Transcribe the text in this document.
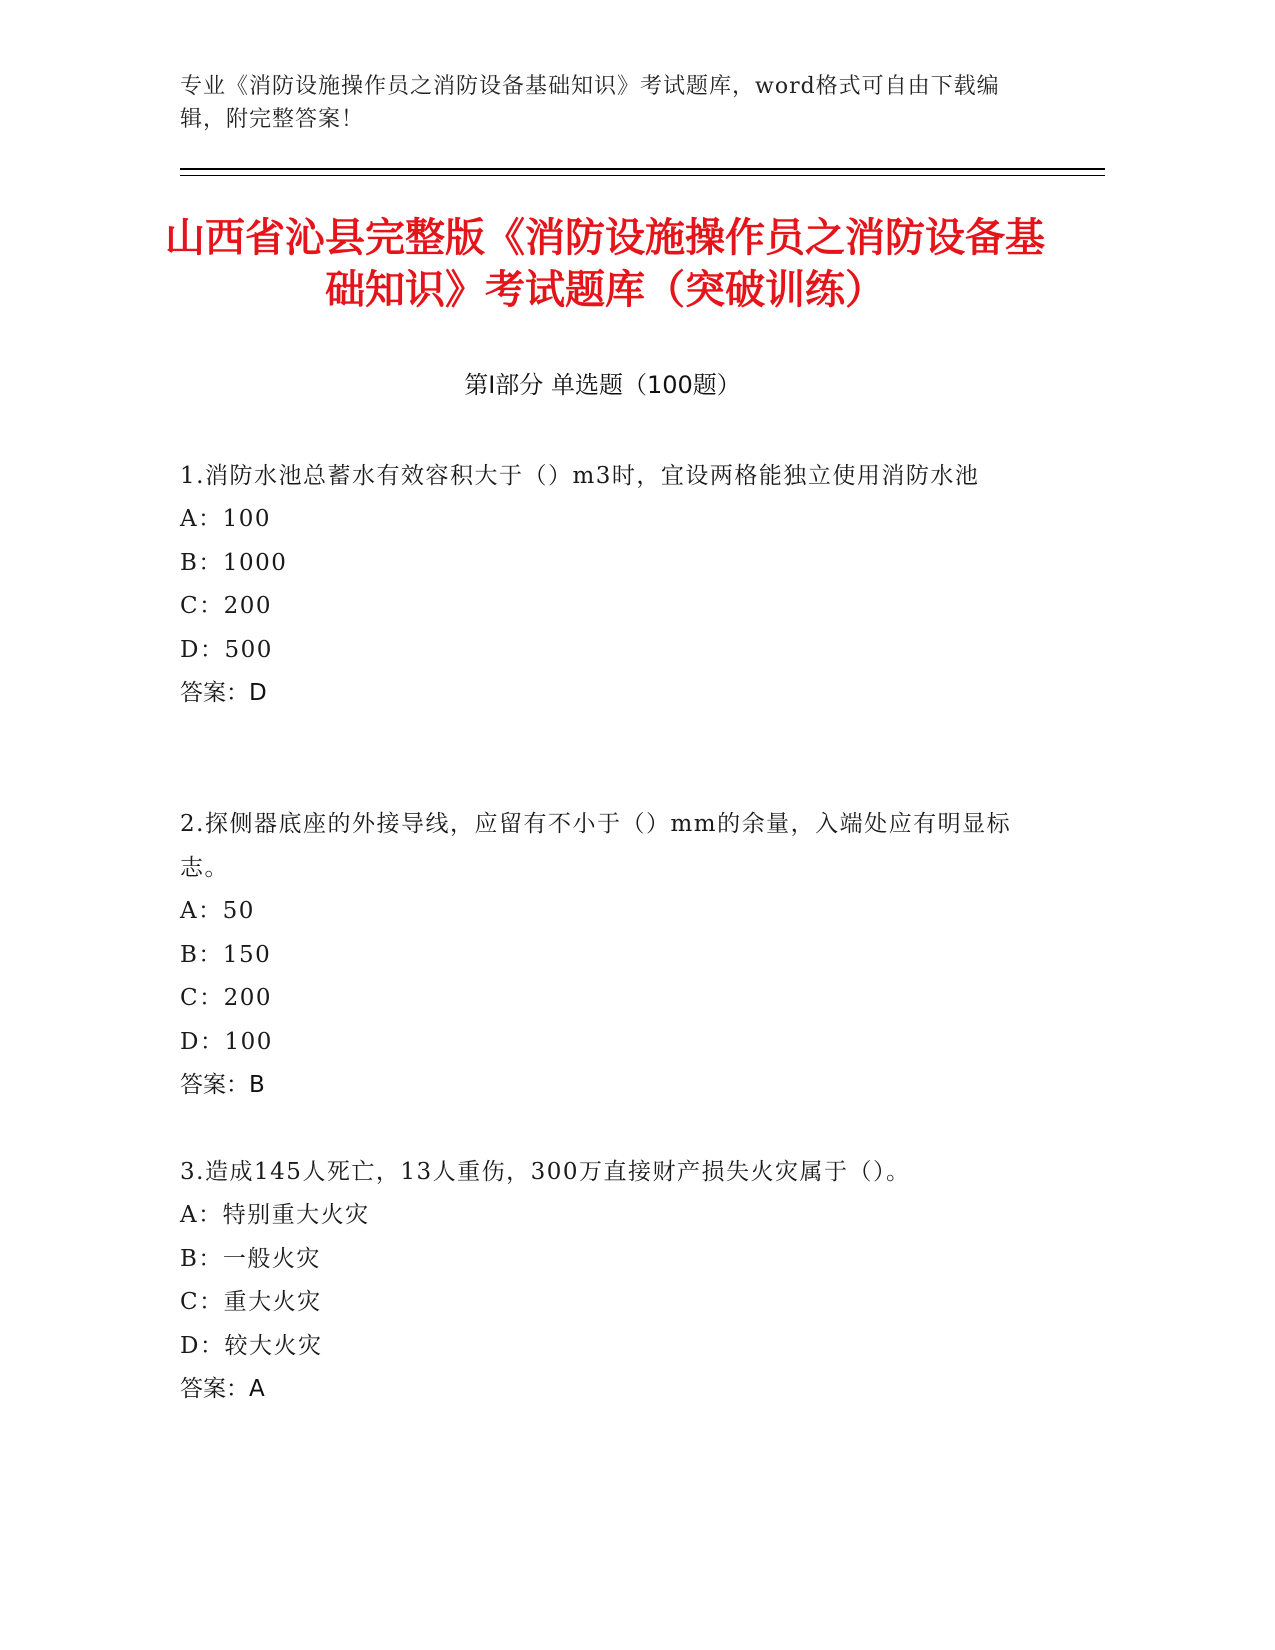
专业《消防设施操作员之消防设备基础知识》考试题库，word格式可自由下载编辑，附完整答案！
山西省沁县完整版《消防设施操作员之消防设备基础知识》考试题库（突破训练）
第I部分 单选题（100题）

1.消防水池总蓄水有效容积大于（）m3时，宜设两格能独立使用消防水池

A：100

B：1000

C：200

D：500

答案：D

2.探侧器底座的外接导线，应留有不小于（）mm的余量，入端处应有明显标志。

A：50

B：150

C：200

D：100

答案：B

3.造成145人死亡，13人重伤，300万直接财产损失火灾属于（）。

A：特别重大火灾

B：一般火灾

C：重大火灾

D：较大火灾

答案：A
